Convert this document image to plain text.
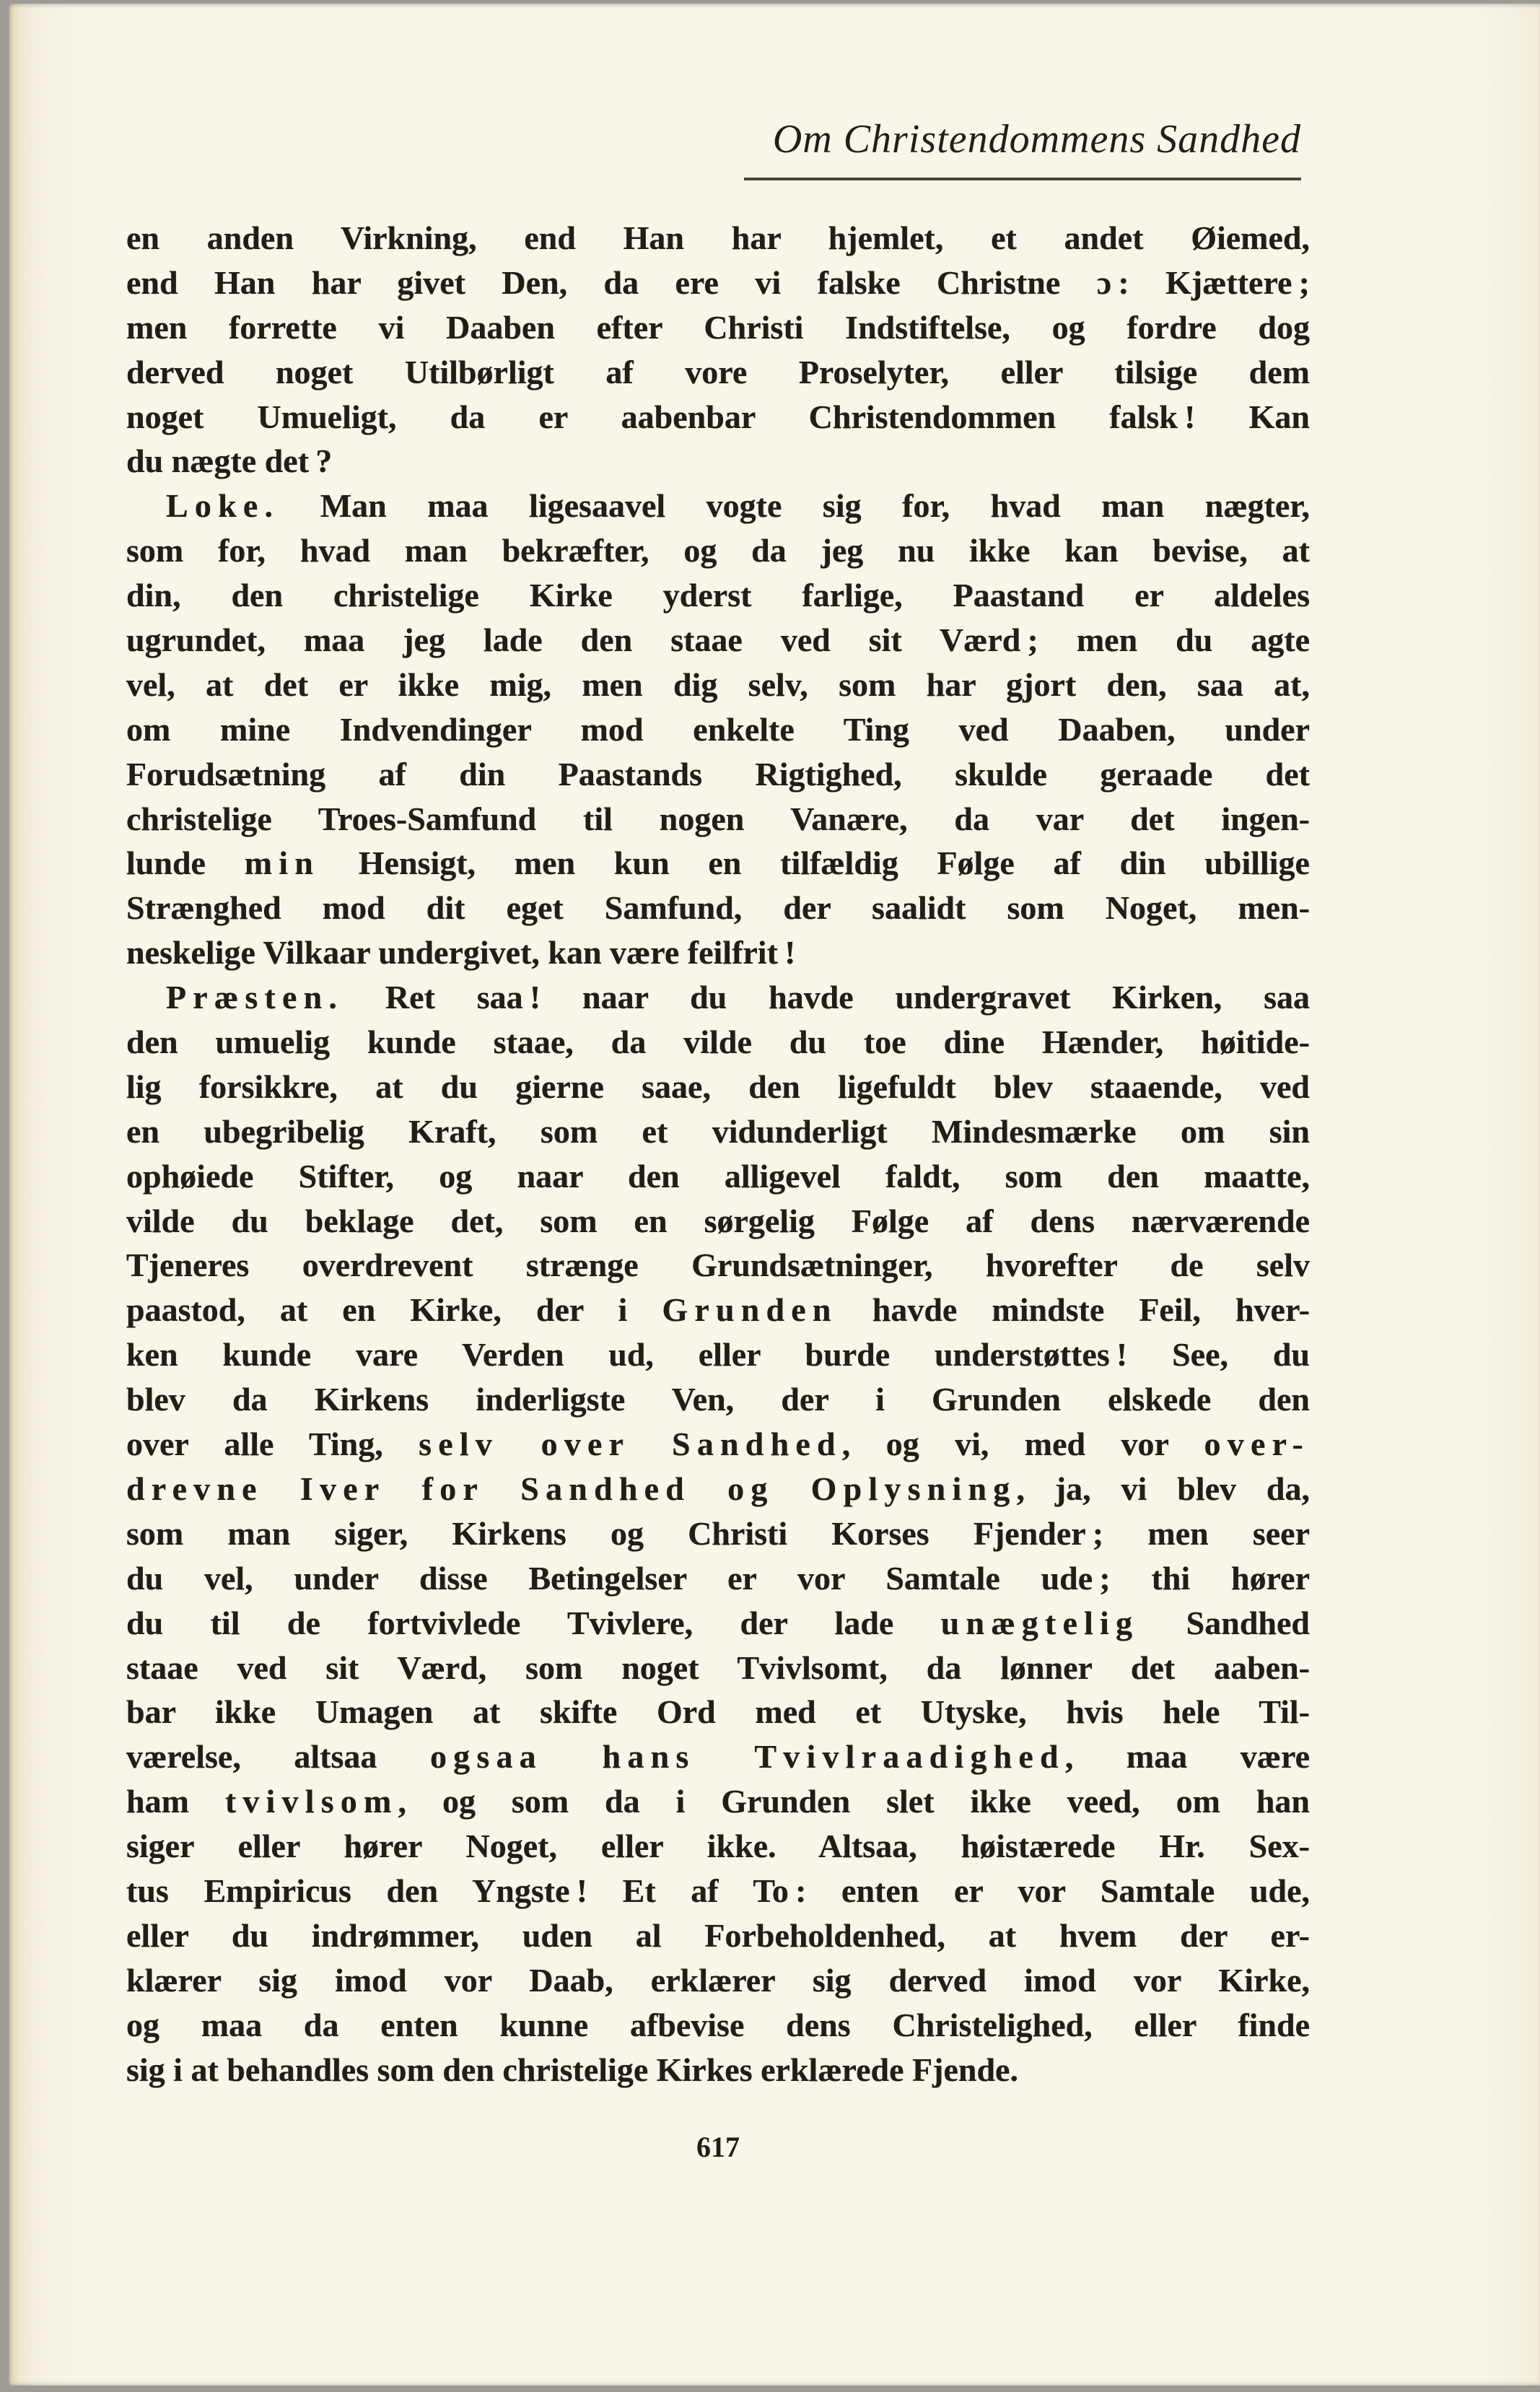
Om Christendommens Sandhed
en anden Virkning, end Han har hjemlet, et andet Øiemed,
end Han har givet Den, da ere vi falske Christne ɔ : Kjættere ;
men forrette vi Daaben efter Christi Indstiftelse, og fordre dog
derved noget Utilbørligt af vore Proselyter, eller tilsige dem
noget Umueligt, da er aabenbar Christendommen falsk ! Kan
du nægte det ?
Loke. Man maa ligesaavel vogte sig for, hvad man nægter,
som for, hvad man bekræfter, og da jeg nu ikke kan bevise, at
din, den christelige Kirke yderst farlige, Paastand er aldeles
ugrundet, maa jeg lade den staae ved sit Værd ; men du agte
vel, at det er ikke mig, men dig selv, som har gjort den, saa at,
om mine Indvendinger mod enkelte Ting ved Daaben, under
Forudsætning af din Paastands Rigtighed, skulde geraade det
christelige Troes-Samfund til nogen Vanære, da var det ingen-
lunde min Hensigt, men kun en tilfældig Følge af din ubillige
Strænghed mod dit eget Samfund, der saalidt som Noget, men-
neskelige Vilkaar undergivet, kan være feilfrit !
Præsten. Ret saa ! naar du havde undergravet Kirken, saa
den umuelig kunde staae, da vilde du toe dine Hænder, høitide-
lig forsikkre, at du gierne saae, den ligefuldt blev staaende, ved
en ubegribelig Kraft, som et vidunderligt Mindesmærke om sin
ophøiede Stifter, og naar den alligevel faldt, som den maatte,
vilde du beklage det, som en sørgelig Følge af dens nærværende
Tjeneres overdrevent strænge Grundsætninger, hvorefter de selv
paastod, at en Kirke, der i Grunden havde mindste Feil, hver-
ken kunde vare Verden ud, eller burde understøttes ! See, du
blev da Kirkens inderligste Ven, der i Grunden elskede den
over alle Ting, selv over Sandhed, og vi, med vor over-
drevne Iver for Sandhed og Oplysning, ja, vi blev da,
som man siger, Kirkens og Christi Korses Fjender ; men seer
du vel, under disse Betingelser er vor Samtale ude ; thi hører
du til de fortvivlede Tvivlere, der lade unægtelig Sandhed
staae ved sit Værd, som noget Tvivlsomt, da lønner det aaben-
bar ikke Umagen at skifte Ord med et Utyske, hvis hele Til-
værelse, altsaa ogsaa hans Tvivlraadighed, maa være
ham tvivlsom, og som da i Grunden slet ikke veed, om han
siger eller hører Noget, eller ikke. Altsaa, høistærede Hr. Sex-
tus Empiricus den Yngste ! Et af To : enten er vor Samtale ude,
eller du indrømmer, uden al Forbeholdenhed, at hvem der er-
klærer sig imod vor Daab, erklærer sig derved imod vor Kirke,
og maa da enten kunne afbevise dens Christelighed, eller finde
sig i at behandles som den christelige Kirkes erklærede Fjende.
617
